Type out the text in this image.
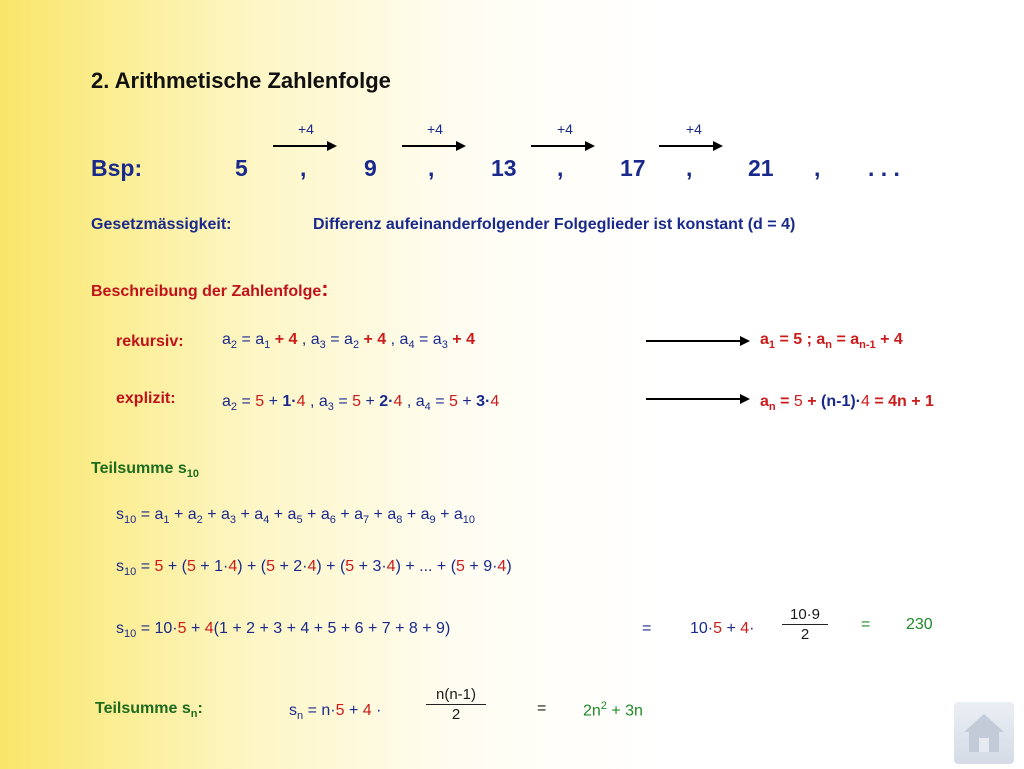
2. Arithmetische Zahlenfolge
+4	+4	+4	+4
Bsp:	5 ,	9 , 13 , 17 , 21 , . . .
Gesetzmässigkeit:	Differenz aufeinanderfolgender Folgeglieder ist konstant (d = 4)
Beschreibung der Zahlenfolge:
rekursiv: $a_2 = a_1 + 4$ , $a_3 = a_2 + 4$ , $a_4 = a_3 + 4$	$a_1 = 5$ ; $a_n = a_{n-1} + 4$
explizit:	$a_2 = 5 + 1\cdot 4$ , $a_3 = 5 + 2\cdot 4$ , $a_4 = 5 + 3\cdot 4$	$a_n = 5 + (n-1)\cdot 4 = 4n + 1$
Teilsumme $s_{10}$
$s_{10} = a_1 + a_2 + a_3 + a_4 + a_5 + a_6 + a_7 + a_8 + a_9 + a_{10}$
$s_{10} = 5 + (5 + 1\cdot 4) + (5 + 2\cdot 4) + (5 + 3\cdot 4)$ + ... + (5 + 9·4)
$s_{10} = 10\cdot 5 + 4(1 + 2 + 3 + 4 + 5 + 6 + 7 + 8 + 9)$	= 10·5 + 4·
10·9
2
= 230
Teilsumme $s_n$:	$s_n = n\cdot 5 + 4$ ·
n(n-1)
2	= $2n^2 + 3n$
